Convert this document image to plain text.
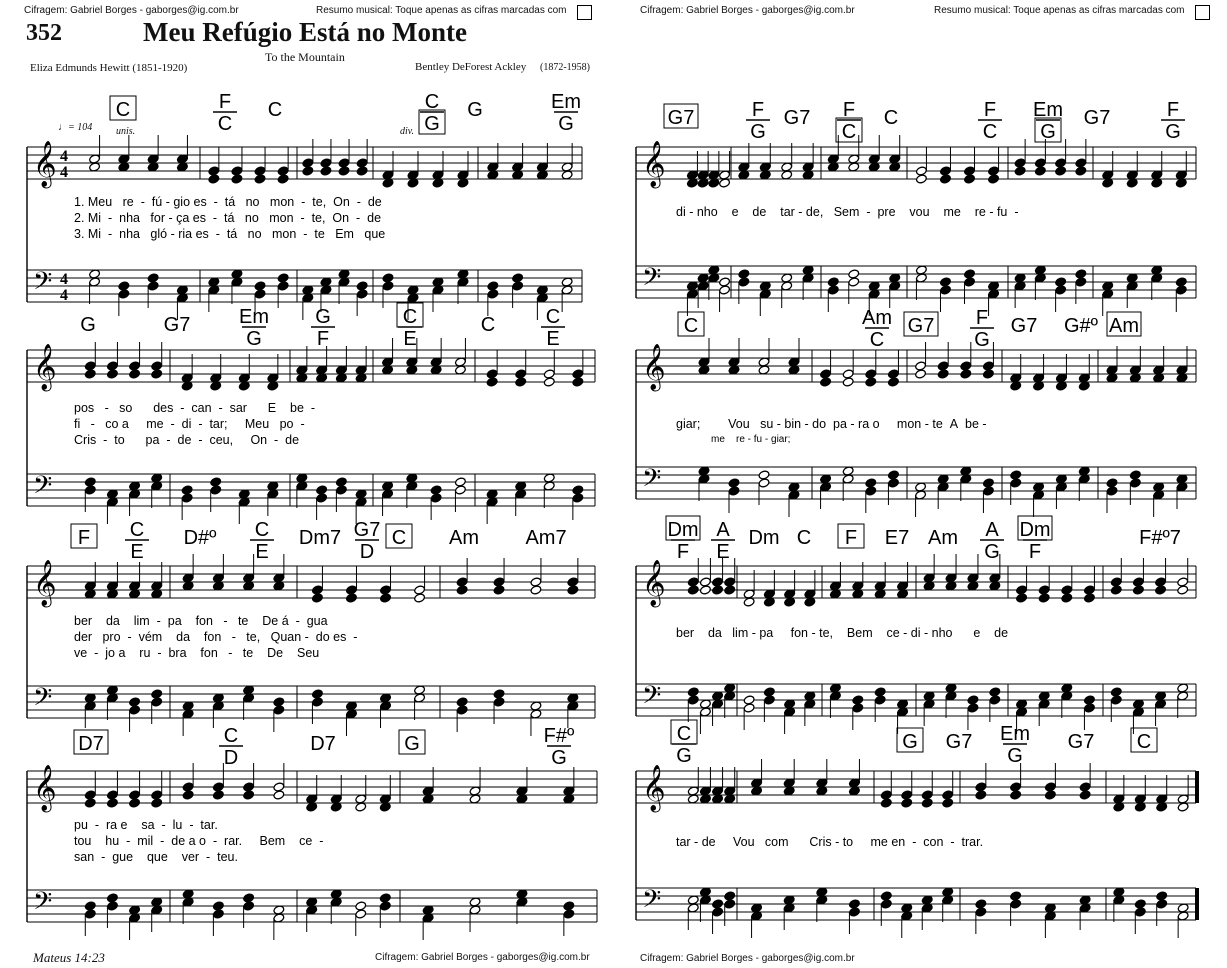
Cifragem: Gabriel Borges - gaborges@ig.com.br	Resumo musical: Toque apenas as cifras marcadas com	Cifragem: Gabriel Borges - gaborges@ig.com.br	Resumo musical: Toque apenas as cifras marcadas com
352	Meu Refúgio Está no Monte
To the Mountain
Eliza Edmunds Hewitt (1851-1920)	Bentley DeForest Ackley (1872-1958)
♩= 104 unis.	div.
Mateus 14:23	Cifragem: Gabriel Borges - gaborges@ig.com.br	Cifragem: Gabriel Borges - gaborges@ig.com.br
𝄞
𝄢
4
4
4
4
C	F
C
C	C
G
G	Em
G
1. Meu   re  -  fú - gio es  -  tá   no   mon  -  te,  On  -  de
2. Mi  -  nha   for - ça es  -  tá   no   mon  -  te,  On  -  de
3. Mi  -  nha   gló - ria es  -  tá   no   mon  -  te   Em   que
𝄞
𝄢
G	G7 Em
G
G
F
C
E
C	C
E
pos   -   so      des  -  can  -  sar      E    be  -
fi   -   co a     me  -  di  -  tar;     Meu   po  -
Cris  -  to      pa  -  de  -  ceu,     On  -  de
𝄞
𝄢
F C
E
D#º C
E
Dm7 G7
D
C Am Am7
ber    da    lim  -  pa    fon   -   te    De á  -  gua
der   pro  -  vém    da    fon   -   te,   Quan -  do es  -
ve  -  jo a    ru  -  bra    fon   -   te    De    Seu
𝄞
𝄢
D7	C
D
D7	G	F#º
G
pu  -  ra e    sa  -  lu  -  tar.
tou    hu  -  mil  -  de a o  -  rar.     Bem    ce  -
san  -  gue    que    ver  -  teu.
𝄞
𝄢
G7	F
G
G7 F
C
C	F
C
Em
G
G7	F
G
di - nho    e    de    tar - de,   Sem  -  pre    vou    me    re - fu  -
𝄞
𝄢
C	Am
C
G7 F
G
G7 G#º Am
giar;        Vou   su - bin - do  pa - ra o     mon - te  A  be -
me    re - fu - giar;
𝄞
𝄢
Dm
F
A
E
Dm C F E7 Am A
G
Dm
F
F#º7
ber    da   lim - pa     fon - te,    Bem    ce - di - nho      e    de
𝄞
𝄢
C
G
G G7 Em
G
G7 C
tar - de     Vou   com      Cris - to     me en  -  con  -  trar.
